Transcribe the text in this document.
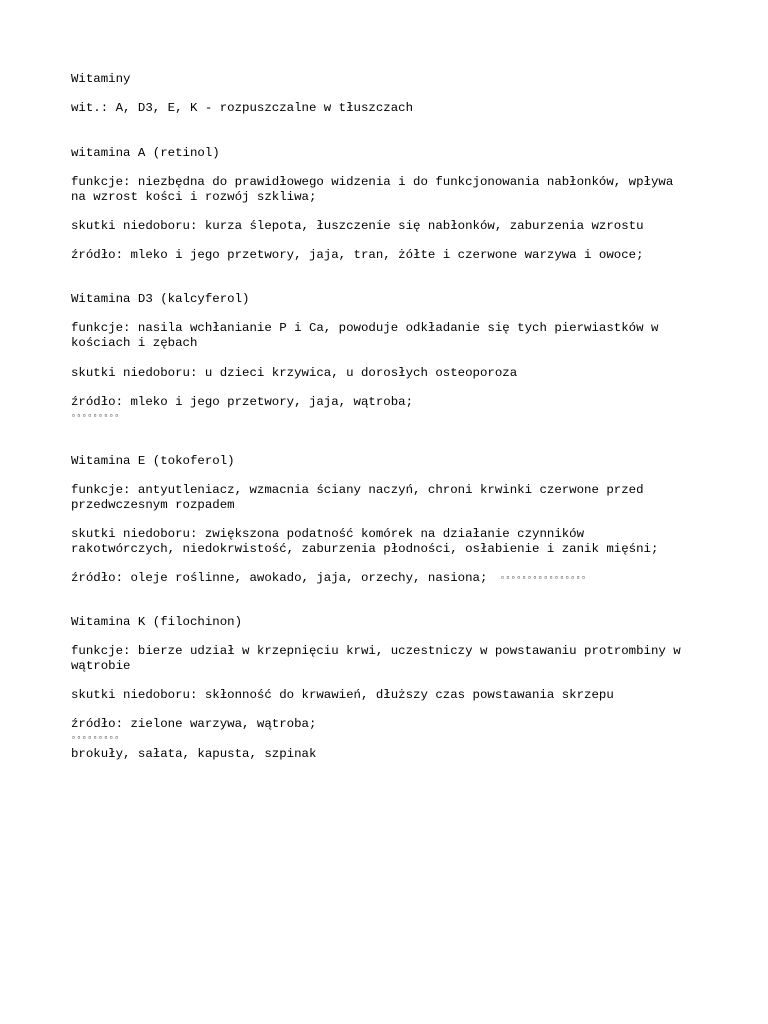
Witaminy
wit.: A, D3, E, K - rozpuszczalne w tłuszczach
witamina A (retinol)
funkcje: niezbędna do prawidłowego widzenia i do funkcjonowania nabłonków, wpływa
na wzrost kości i rozwój szkliwa;
skutki niedoboru: kurza ślepota, łuszczenie się nabłonków, zaburzenia wzrostu
źródło: mleko i jego przetwory, jaja, tran, żółte i czerwone warzywa i owoce;
Witamina D3 (kalcyferol)
funkcje: nasila wchłanianie P i Ca, powoduje odkładanie się tych pierwiastków w
kościach i zębach
skutki niedoboru: u dzieci krzywica, u dorosłych osteoporoza
źródło: mleko i jego przetwory, jaja, wątroba;
▫▫▫▫▫▫▫▫▫
Witamina E (tokoferol)
funkcje: antyutleniacz, wzmacnia ściany naczyń, chroni krwinki czerwone przed
przedwczesnym rozpadem
skutki niedoboru: zwiększona podatność komórek na działanie czynników
rakotwórczych, niedokrwistość, zaburzenia płodności, osłabienie i zanik mięśni;
źródło: oleje roślinne, awokado, jaja, orzechy, nasiona; ▫▫▫▫▫▫▫▫▫▫▫▫▫▫▫▫
Witamina K (filochinon)
funkcje: bierze udział w krzepnięciu krwi, uczestniczy w powstawaniu protrombiny w
wątrobie
skutki niedoboru: skłonność do krwawień, dłuższy czas powstawania skrzepu
źródło: zielone warzywa, wątroba;
▫▫▫▫▫▫▫▫▫
brokuły, sałata, kapusta, szpinak
